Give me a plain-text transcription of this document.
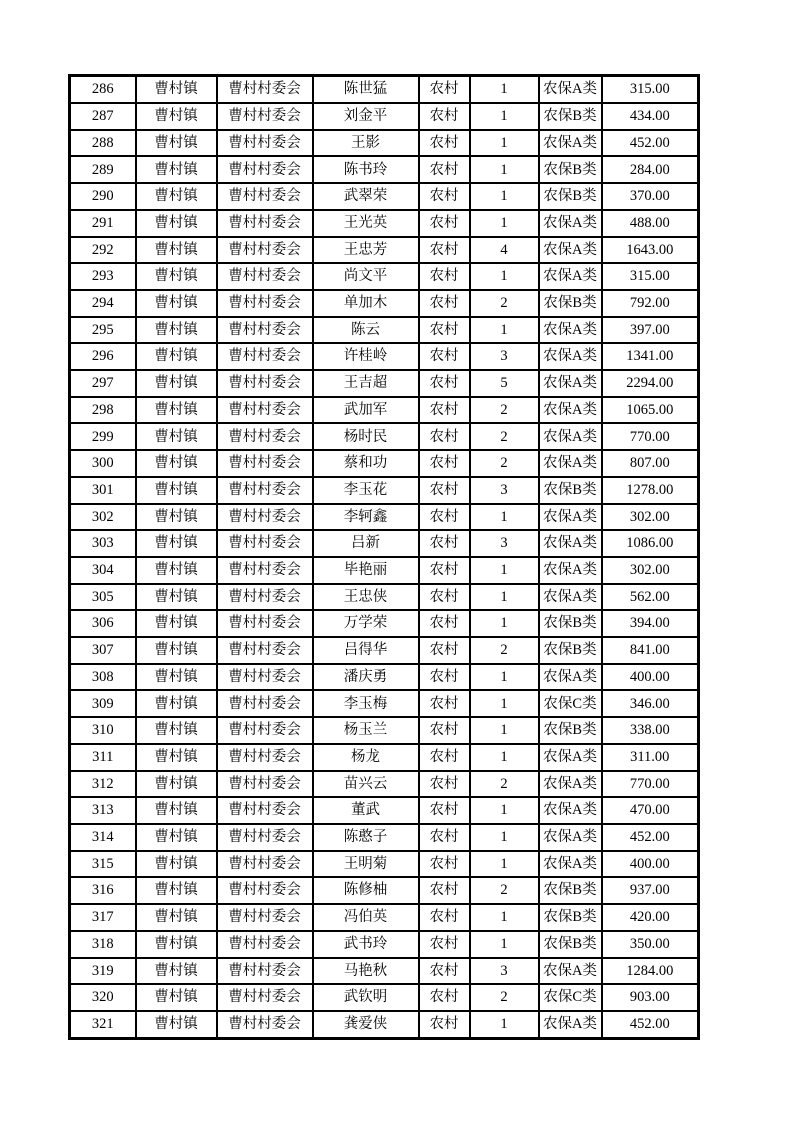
286	曹村镇	曹村村委会	陈世猛	农村	1	农保A类	315.00
287	曹村镇	曹村村委会	刘金平	农村	1	农保B类	434.00
288	曹村镇	曹村村委会	王影	农村	1	农保A类	452.00
289	曹村镇	曹村村委会	陈书玲	农村	1	农保B类	284.00
290	曹村镇	曹村村委会	武翠荣	农村	1	农保B类	370.00
291	曹村镇	曹村村委会	王光英	农村	1	农保A类	488.00
292	曹村镇	曹村村委会	王忠芳	农村	4	农保A类	1643.00
293	曹村镇	曹村村委会	尚文平	农村	1	农保A类	315.00
294	曹村镇	曹村村委会	单加木	农村	2	农保B类	792.00
295	曹村镇	曹村村委会	陈云	农村	1	农保A类	397.00
296	曹村镇	曹村村委会	许桂岭	农村	3	农保A类	1341.00
297	曹村镇	曹村村委会	王吉超	农村	5	农保A类	2294.00
298	曹村镇	曹村村委会	武加军	农村	2	农保A类	1065.00
299	曹村镇	曹村村委会	杨时民	农村	2	农保A类	770.00
300	曹村镇	曹村村委会	蔡和功	农村	2	农保A类	807.00
301	曹村镇	曹村村委会	李玉花	农村	3	农保B类	1278.00
302	曹村镇	曹村村委会	李轲鑫	农村	1	农保A类	302.00
303	曹村镇	曹村村委会	吕新	农村	3	农保A类	1086.00
304	曹村镇	曹村村委会	毕艳丽	农村	1	农保A类	302.00
305	曹村镇	曹村村委会	王忠侠	农村	1	农保A类	562.00
306	曹村镇	曹村村委会	万学荣	农村	1	农保B类	394.00
307	曹村镇	曹村村委会	吕得华	农村	2	农保B类	841.00
308	曹村镇	曹村村委会	潘庆勇	农村	1	农保A类	400.00
309	曹村镇	曹村村委会	李玉梅	农村	1	农保C类	346.00
310	曹村镇	曹村村委会	杨玉兰	农村	1	农保B类	338.00
311	曹村镇	曹村村委会	杨龙	农村	1	农保A类	311.00
312	曹村镇	曹村村委会	苗兴云	农村	2	农保A类	770.00
313	曹村镇	曹村村委会	董武	农村	1	农保A类	470.00
314	曹村镇	曹村村委会	陈憨子	农村	1	农保A类	452.00
315	曹村镇	曹村村委会	王明菊	农村	1	农保A类	400.00
316	曹村镇	曹村村委会	陈修柚	农村	2	农保B类	937.00
317	曹村镇	曹村村委会	冯伯英	农村	1	农保B类	420.00
318	曹村镇	曹村村委会	武书玲	农村	1	农保B类	350.00
319	曹村镇	曹村村委会	马艳秋	农村	3	农保A类	1284.00
320	曹村镇	曹村村委会	武钦明	农村	2	农保C类	903.00
321	曹村镇	曹村村委会	龚爱侠	农村	1	农保A类	452.00
